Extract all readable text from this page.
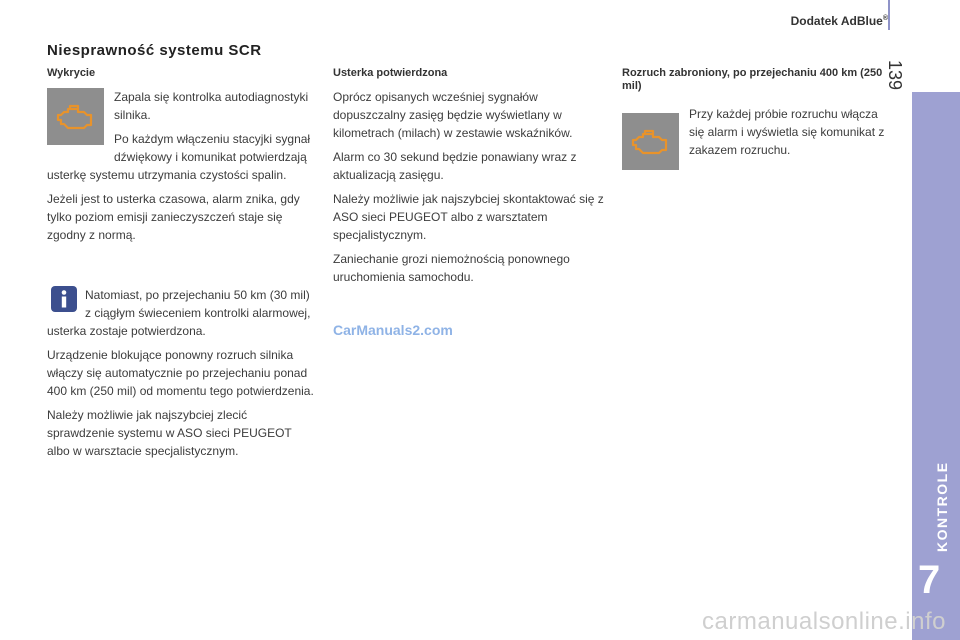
Dodatek AdBlue®
139
KONTROLE
7
Niesprawność systemu SCR
Wykrycie

Zapala się kontrolka autodiagnostyki silnika.

Po każdym włączeniu stacyjki sygnał dźwiękowy i komunikat potwierdzają usterkę systemu utrzymania czystości spalin.

Jeżeli jest to usterka czasowa, alarm znika, gdy tylko poziom emisji zanieczyszczeń staje się zgodny z normą.

Natomiast, po przejechaniu 50 km (30 mil) z ciągłym świeceniem kontrolki alarmowej, usterka zostaje potwierdzona.

Urządzenie blokujące ponowny rozruch silnika włączy się automatycznie po przejechaniu ponad 400 km (250 mil) od momentu tego potwierdzenia.

Należy możliwie jak najszybciej zlecić sprawdzenie systemu w ASO sieci PEUGEOT albo w warsztacie specjalistycznym.

Usterka potwierdzona

Oprócz opisanych wcześniej sygnałów dopuszczalny zasięg będzie wyświetlany w kilometrach (milach) w zestawie wskaźników.

Alarm co 30 sekund będzie ponawiany wraz z aktualizacją zasięgu.

Należy możliwie jak najszybciej skontaktować się z ASO sieci PEUGEOT albo z warsztatem specjalistycznym.

Zaniechanie grozi niemożnością ponownego uruchomienia samochodu.

Rozruch zabroniony, po przejechaniu 400 km (250 mil)

Przy każdej próbie rozruchu włącza się alarm i wyświetla się komunikat z zakazem rozruchu.

CarManuals2.com
carmanualsonline.info
